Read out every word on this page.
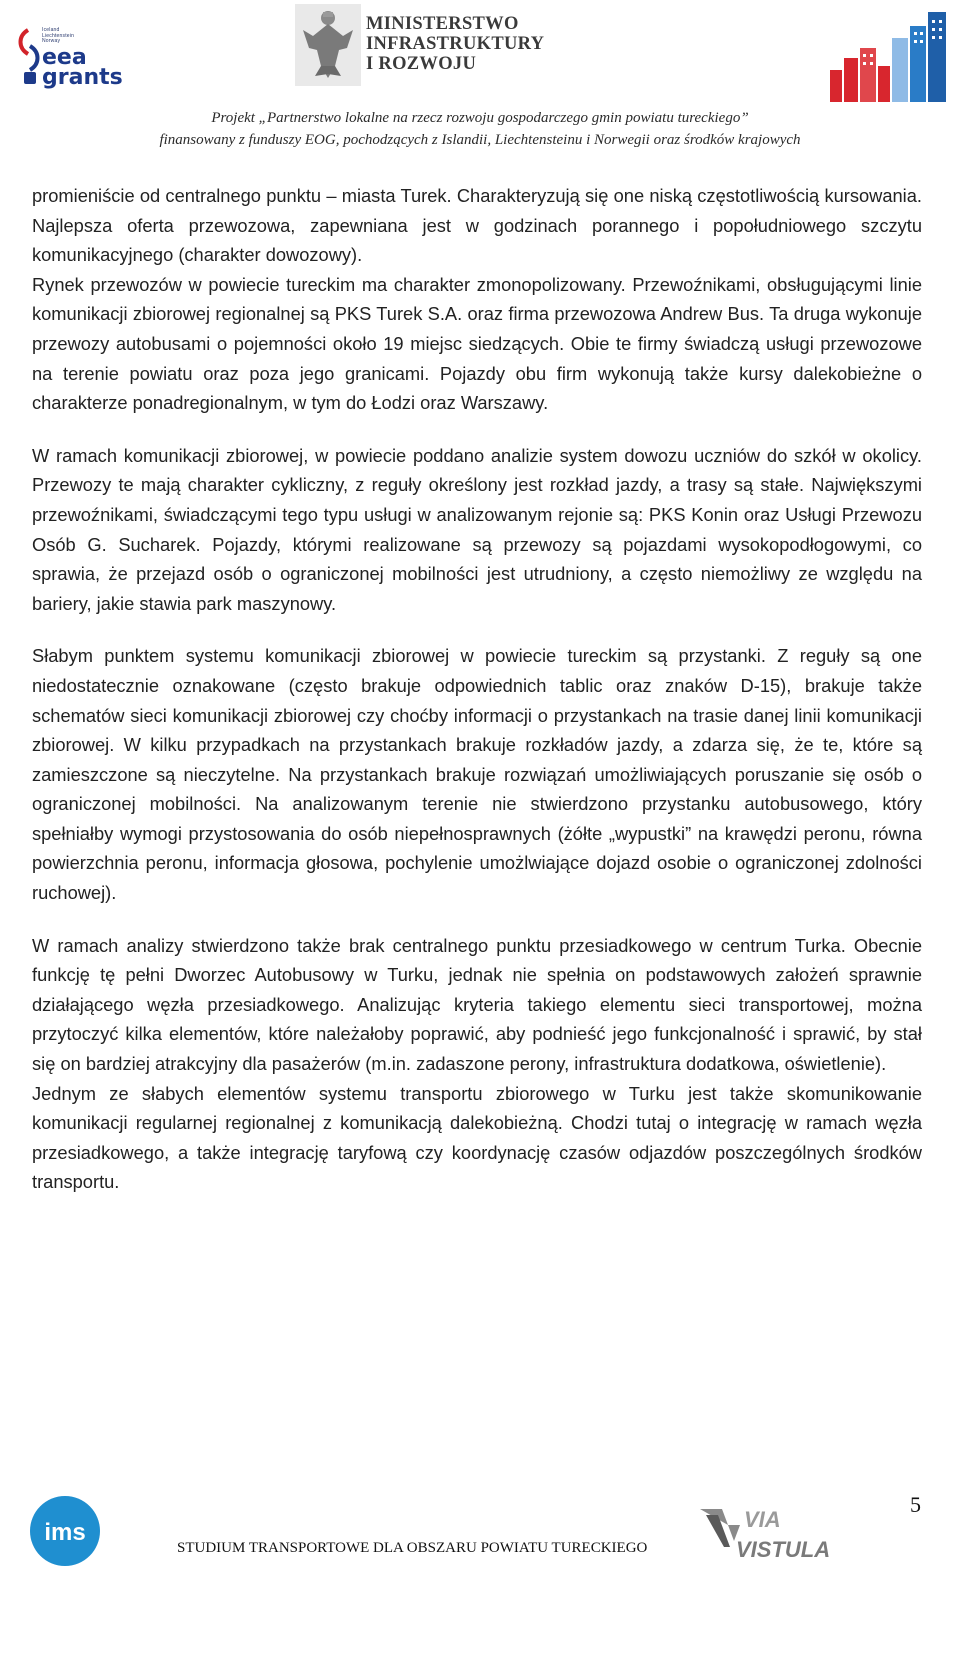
Iceland
Liechtenstein
Norway
eea grants
MINISTERSTWO
INFRASTRUKTURY
I ROZWOJU
Projekt „Partnerstwo lokalne na rzecz rozwoju gospodarczego gmin powiatu tureckiego”
finansowany z funduszy EOG, pochodzących z Islandii, Liechtensteinu i Norwegii oraz środków krajowych

promieniście od centralnego punktu – miasta Turek. Charakteryzują się one niską częstotliwością kursowania. Najlepsza oferta przewozowa, zapewniana jest w godzinach porannego i popołudniowego szczytu komunikacyjnego (charakter dowozowy).

Rynek przewozów w powiecie tureckim ma charakter zmonopolizowany. Przewoźnikami, obsługującymi linie komunikacji zbiorowej regionalnej są PKS Turek S.A. oraz firma przewozowa Andrew Bus. Ta druga wykonuje przewozy autobusami o pojemności około 19 miejsc siedzących. Obie te firmy świadczą usługi przewozowe na terenie powiatu oraz poza jego granicami. Pojazdy obu firm wykonują także kursy dalekobieżne o charakterze ponadregionalnym, w tym do Łodzi oraz Warszawy.

W ramach komunikacji zbiorowej, w powiecie poddano analizie system dowozu uczniów do szkół w okolicy. Przewozy te mają charakter cykliczny, z reguły określony jest rozkład jazdy, a trasy są stałe. Największymi przewoźnikami, świadczącymi tego typu usługi w analizowanym rejonie są: PKS Konin oraz Usługi Przewozu Osób G. Sucharek. Pojazdy, którymi realizowane są przewozy są pojazdami wysokopodłogowymi, co sprawia, że przejazd osób o ograniczonej mobilności jest utrudniony, a często niemożliwy ze względu na bariery, jakie stawia park maszynowy.

Słabym punktem systemu komunikacji zbiorowej w powiecie tureckim są przystanki. Z reguły są one niedostatecznie oznakowane (często brakuje odpowiednich tablic oraz znaków D-15), brakuje także schematów sieci komunikacji zbiorowej czy choćby informacji o przystankach na trasie danej linii komunikacji zbiorowej. W kilku przypadkach na przystankach brakuje rozkładów jazdy, a zdarza się, że te, które są zamieszczone są nieczytelne. Na przystankach brakuje rozwiązań umożliwiających poruszanie się osób o ograniczonej mobilności. Na analizowanym terenie nie stwierdzono przystanku autobusowego, który spełniałby wymogi przystosowania do osób niepełnosprawnych (żółte „wypustki” na krawędzi peronu, równa powierzchnia peronu, informacja głosowa, pochylenie umożlwiające dojazd osobie o ograniczonej zdolności ruchowej).

W ramach analizy stwierdzono także brak centralnego punktu przesiadkowego w centrum Turka. Obecnie funkcję tę pełni Dworzec Autobusowy w Turku, jednak nie spełnia on podstawowych założeń sprawnie działającego węzła przesiadkowego. Analizując kryteria takiego elementu sieci transportowej, można przytoczyć kilka elementów, które należałoby poprawić, aby podnieść jego funkcjonalność i sprawić, by stał się on bardziej atrakcyjny dla pasażerów (m.in. zadaszone perony, infrastruktura dodatkowa, oświetlenie).

Jednym ze słabych elementów systemu transportu zbiorowego w Turku jest także skomunikowanie komunikacji regularnej regionalnej z komunikacją dalekobieżną. Chodzi tutaj o integrację w ramach węzła przesiadkowego, a także integrację taryfową czy koordynację czasów odjazdów poszczególnych środków transportu.

ims
STUDIUM TRANSPORTOWE DLA OBSZARU POWIATU TURECKIEGO
VIA
VISTULA
5
